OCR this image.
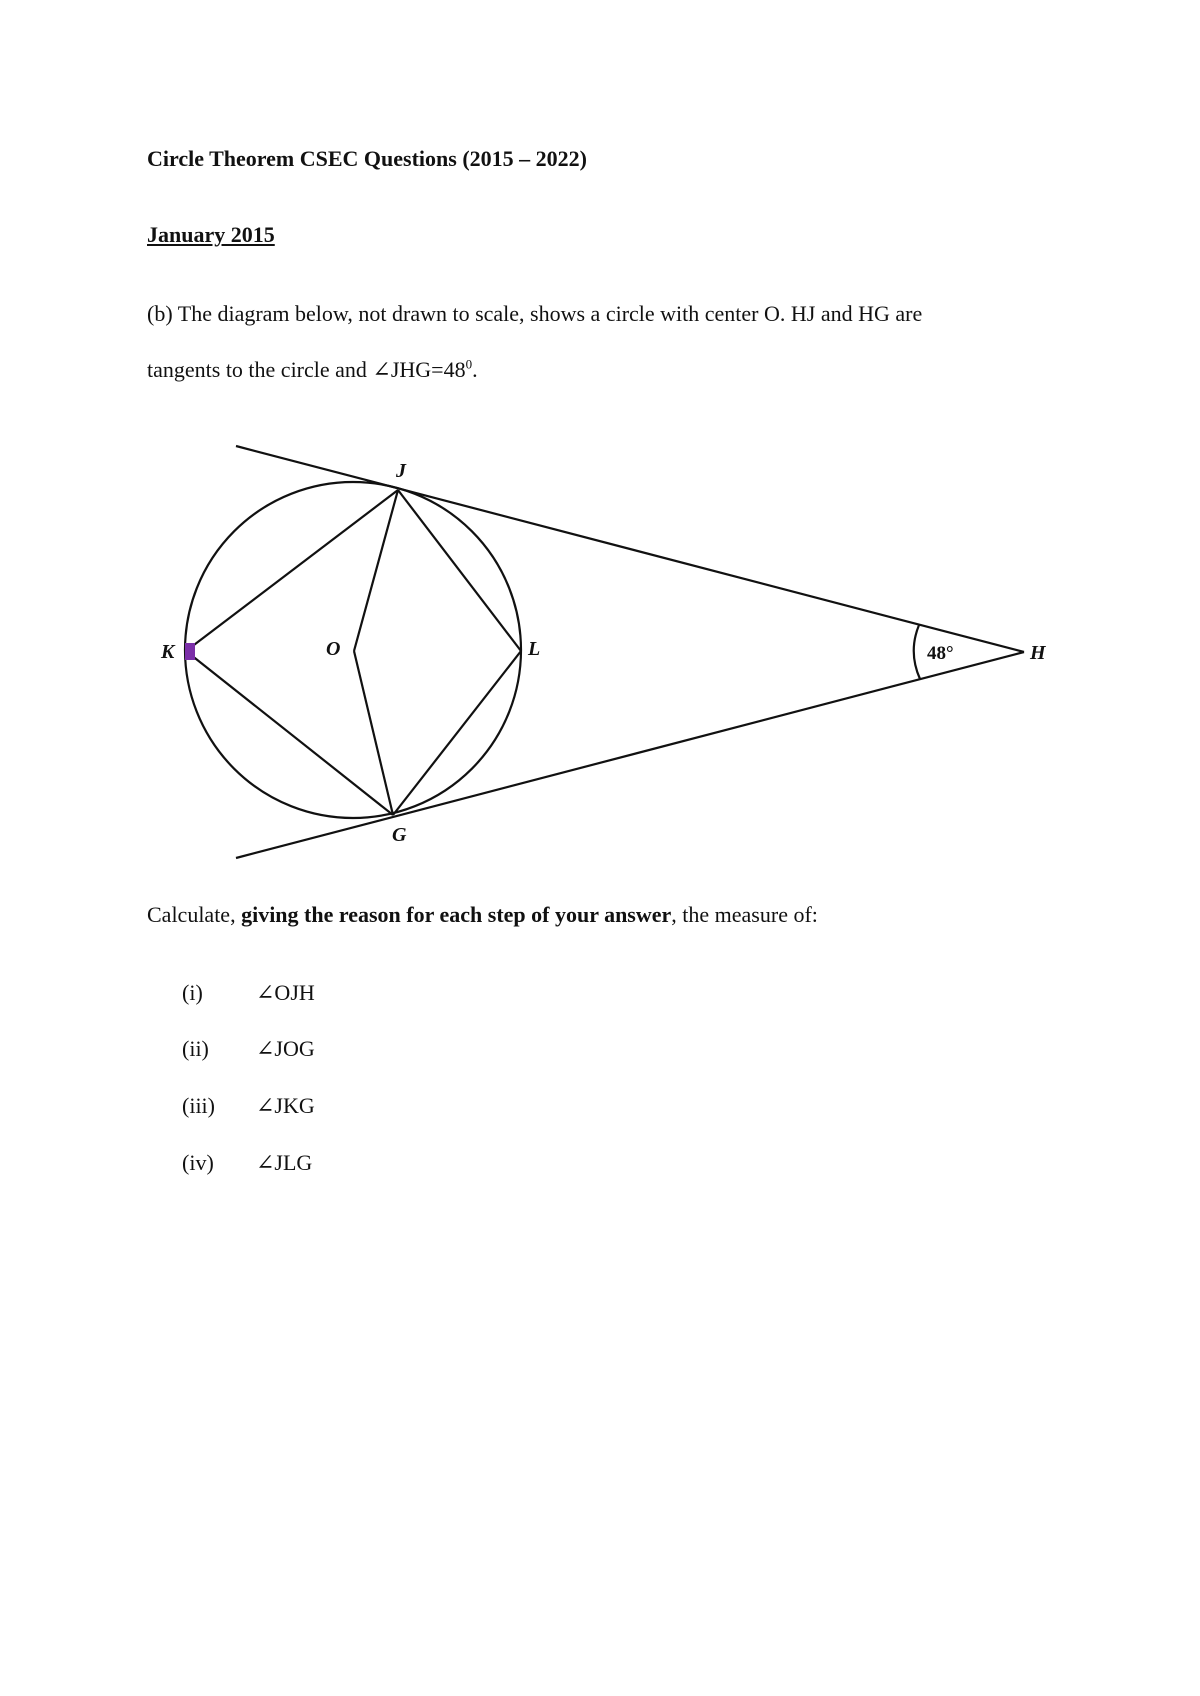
Circle Theorem CSEC Questions (2015 – 2022)
January 2015
(b) The diagram below, not drawn to scale, shows a circle with center O. HJ and HG are
tangents to the circle and $\angle JHG=48^0$.
J
K	O	L
G
H
48°
Calculate, giving the reason for each step of your answer, the measure of:
(i) ∠OJH
(ii) ∠JOG
(iii) ∠JKG
(iv) ∠JLG
